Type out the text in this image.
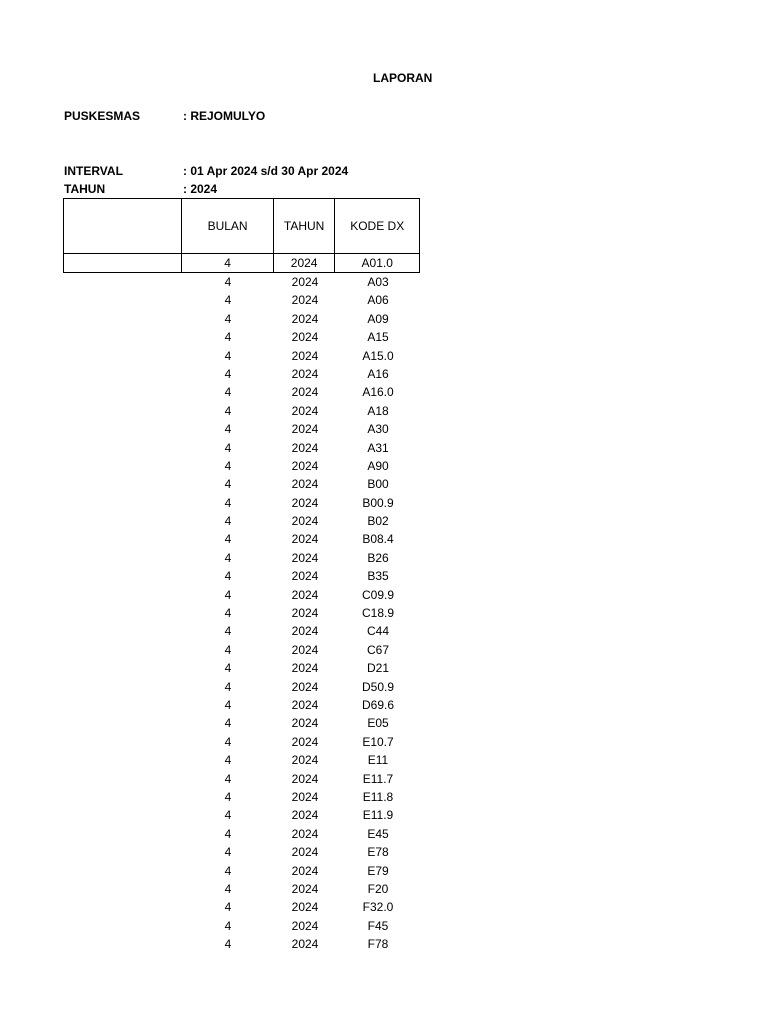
LAPORAN
PUSKESMAS	: REJOMULYO
INTERVAL	: 01 Apr 2024 s/d 30 Apr 2024
TAHUN	: 2024
BULAN	TAHUN	KODE DX
4	2024	A01.0
4	2024	A03
4	2024	A06
4	2024	A09
4	2024	A15
4	2024	A15.0
4	2024	A16
4	2024	A16.0
4	2024	A18
4	2024	A30
4	2024	A31
4	2024	A90
4	2024	B00
4	2024	B00.9
4	2024	B02
4	2024	B08.4
4	2024	B26
4	2024	B35
4	2024	C09.9
4	2024	C18.9
4	2024	C44
4	2024	C67
4	2024	D21
4	2024	D50.9
4	2024	D69.6
4	2024	E05
4	2024	E10.7
4	2024	E11
4	2024	E11.7
4	2024	E11.8
4	2024	E11.9
4	2024	E45
4	2024	E78
4	2024	E79
4	2024	F20
4	2024	F32.0
4	2024	F45
4	2024	F78
